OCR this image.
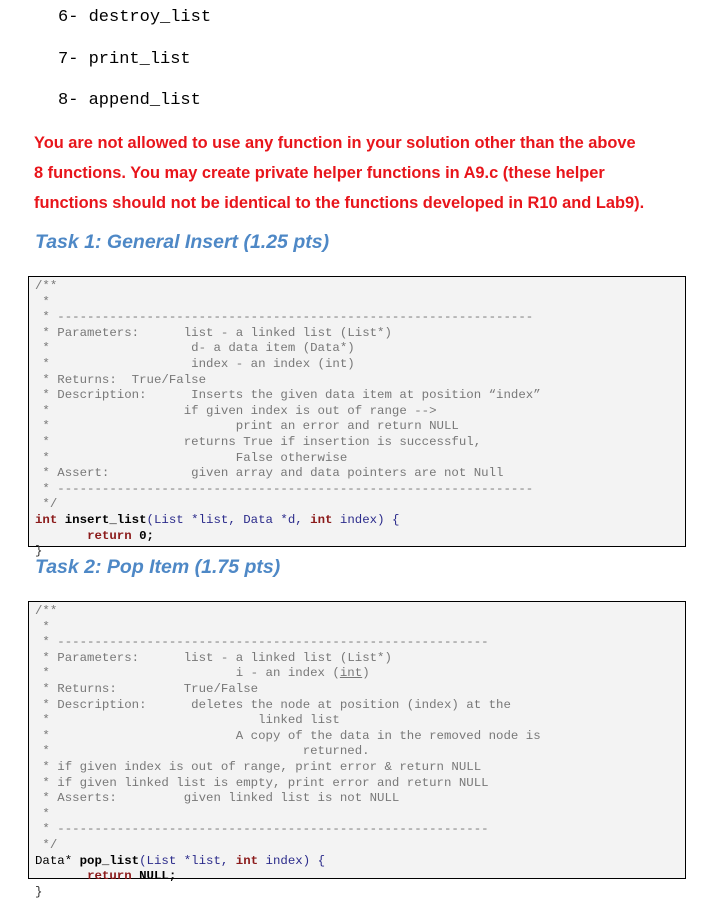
6- destroy_list
7- print_list
8- append_list
You are not allowed to use any function in your solution other than the above
8 functions. You may create private helper functions in A9.c (these helper
functions should not be identical to the functions developed in R10 and Lab9).
Task 1: General Insert (1.25 pts)
/**
*
* ----------------------------------------------------------------
* Parameters:	list - a linked list (List*)
*	d- a data item (Data*)
*	index - an index (int)
* Returns:  True/False
* Description:	Inserts the given data item at position “index”
*	if given index is out of range -->
*	print an error and return NULL
*	returns True if insertion is successful,
*	False otherwise
* Assert:	given array and data pointers are not Null
* ----------------------------------------------------------------
*/
int insert_list(List *list, Data *d, int index) {
return 0;
}
Task 2: Pop Item (1.75 pts)
/**
*
* ----------------------------------------------------------
* Parameters:	list - a linked list (List*)
*	i - an index (int)
* Returns:	True/False
* Description:	deletes the node at position (index) at the
*	linked list
*	A copy of the data in the removed node is
*	returned.
* if given index is out of range, print error & return NULL
* if given linked list is empty, print error and return NULL
* Asserts:	given linked list is not NULL
*
* ----------------------------------------------------------
*/
Data* pop_list(List *list, int index) {
return NULL;
}
